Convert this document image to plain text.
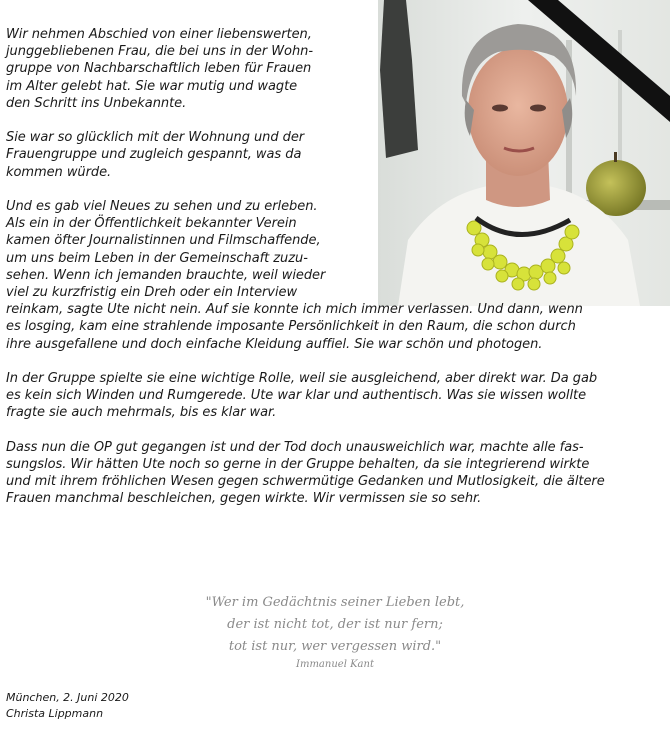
Wir nehmen Abschied von einer liebenswerten,
junggebliebenen Frau, die bei uns in der Wohn-
gruppe von Nachbarschaftlich leben für Frauen
im Alter gelebt hat. Sie war mutig und wagte
den Schritt ins Unbekannte.

Sie war so glücklich mit der Wohnung und der
Frauengruppe und zugleich gespannt, was da
kommen würde.

Und es gab viel Neues zu sehen und zu erleben.
Als ein in der Öffentlichkeit bekannter Verein
kamen öfter Journalistinnen und Filmschaffende,
um uns beim Leben in der Gemeinschaft zuzu-
sehen. Wenn ich jemanden brauchte, weil wieder
viel zu kurzfristig ein Dreh oder ein Interview
reinkam, sagte Ute nicht nein. Auf sie konnte ich mich immer verlassen. Und dann, wenn
es losging, kam eine strahlende imposante Persönlichkeit in den Raum, die schon durch
ihre ausgefallene und doch einfache Kleidung auffiel. Sie war schön und photogen.

In der Gruppe spielte sie eine wichtige Rolle, weil sie ausgleichend, aber direkt war. Da gab
es kein sich Winden und Rumgerede. Ute war klar und authentisch. Was sie wissen wollte
fragte sie auch mehrmals, bis es klar war.

Dass nun die OP gut gegangen ist und der Tod doch unausweichlich war, machte alle fas-
sungslos. Wir hätten Ute noch so gerne in der Gruppe behalten, da sie integrierend wirkte
und mit ihrem fröhlichen Wesen gegen schwermütige Gedanken und Mutlosigkeit, die ältere
Frauen manchmal beschleichen, gegen wirkte. Wir vermissen sie so sehr.

"Wer im Gedächtnis seiner Lieben lebt,
der ist nicht tot, der ist nur fern;
tot ist nur, wer vergessen wird."
Immanuel Kant
München, 2. Juni 2020
Christa Lippmann
